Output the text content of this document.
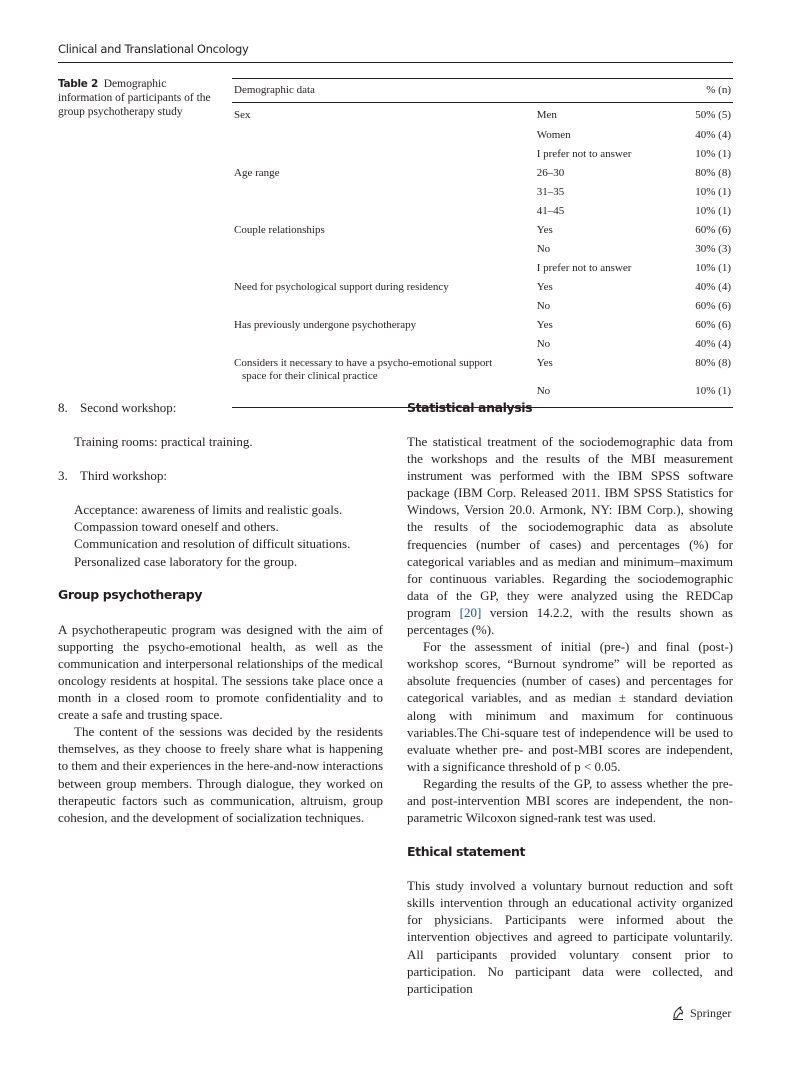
Clinical and Translational Oncology
Table 2 Demographic information of participants of the group psychotherapy study
Demographic data		% (n)
Sex	Men	50% (5)
	Women	40% (4)
	I prefer not to answer	10% (1)
Age range	26–30	80% (8)
	31–35	10% (1)
	41–45	10% (1)
Couple relationships	Yes	60% (6)
	No	30% (3)
	I prefer not to answer	10% (1)
Need for psychological support during residency	Yes	40% (4)
	No	60% (6)
Has previously undergone psychotherapy	Yes	60% (6)
	No	40% (4)
Considers it necessary to have a psycho-emotional support
space for their clinical practice	Yes	80% (8)
	No	10% (1)
8. Second workshop:

Training rooms: practical training.

3. Third workshop:

Acceptance: awareness of limits and realistic goals.

Compassion toward oneself and others.

Communication and resolution of difficult situations.

Personalized case laboratory for the group.

Group psychotherapy

A psychotherapeutic program was designed with the aim of supporting the psycho-emotional health, as well as the communication and interpersonal relationships of the medical oncology residents at hospital. The sessions take place once a month in a closed room to promote confidentiality and to create a safe and trusting space.

The content of the sessions was decided by the residents themselves, as they choose to freely share what is happening to them and their experiences in the here-and-now interactions between group members. Through dialogue, they worked on therapeutic factors such as communication, altruism, group cohesion, and the development of socialization techniques.

Statistical analysis

The statistical treatment of the sociodemographic data from the workshops and the results of the MBI measurement instrument was performed with the IBM SPSS software package (IBM Corp. Released 2011. IBM SPSS Statistics for Windows, Version 20.0. Armonk, NY: IBM Corp.), showing the results of the sociodemographic data as absolute frequencies (number of cases) and percentages (%) for categorical variables and as median and minimum–maximum for continuous variables. Regarding the sociodemographic data of the GP, they were analyzed using the REDCap program [20] version 14.2.2, with the results shown as percentages (%).

For the assessment of initial (pre-) and final (post-) workshop scores, “Burnout syndrome” will be reported as absolute frequencies (number of cases) and percentages for categorical variables, and as median ± standard deviation along with minimum and maximum for continuous variables.The Chi-square test of independence will be used to evaluate whether pre- and post-MBI scores are independent, with a significance threshold of p < 0.05.

Regarding the results of the GP, to assess whether the pre- and post-intervention MBI scores are independent, the non-parametric Wilcoxon signed-rank test was used.

Ethical statement

This study involved a voluntary burnout reduction and soft skills intervention through an educational activity organized for physicians. Participants were informed about the intervention objectives and agreed to participate voluntarily. All participants provided voluntary consent prior to participation. No participant data were collected, and participation

Springer
